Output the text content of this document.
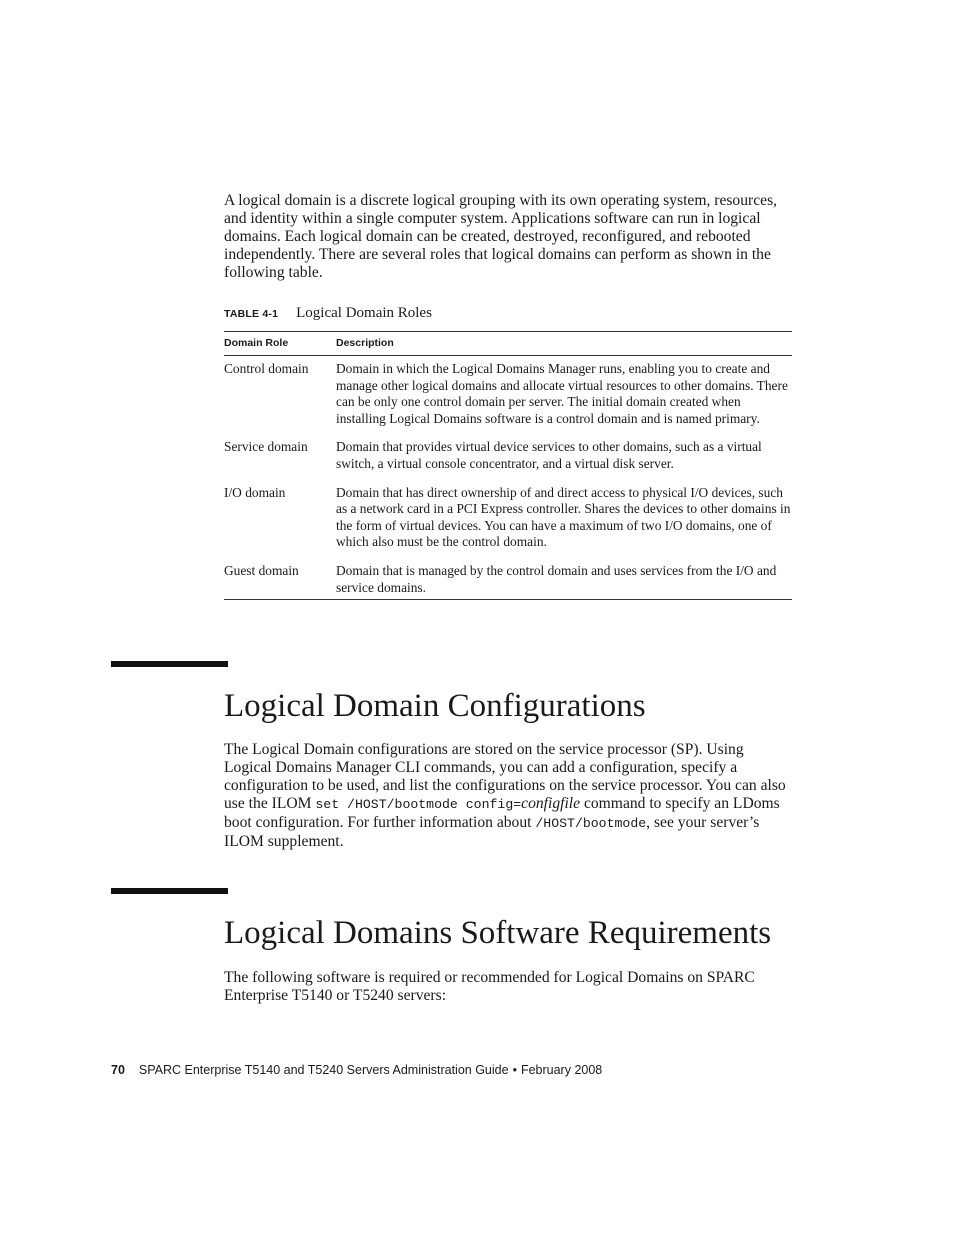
A logical domain is a discrete logical grouping with its own operating system, resources, and identity within a single computer system. Applications software can run in logical domains. Each logical domain can be created, destroyed, reconfigured, and rebooted independently. There are several roles that logical domains can perform as shown in the following table.

TABLE 4-1 Logical Domain Roles
Domain Role	Description
Control domain	Domain in which the Logical Domains Manager runs, enabling you to create and manage other logical domains and allocate virtual resources to other domains. There can be only one control domain per server. The initial domain created when installing Logical Domains software is a control domain and is named primary.
Service domain	Domain that provides virtual device services to other domains, such as a virtual switch, a virtual console concentrator, and a virtual disk server.
I/O domain	Domain that has direct ownership of and direct access to physical I/O devices, such as a network card in a PCI Express controller. Shares the devices to other domains in the form of virtual devices. You can have a maximum of two I/O domains, one of which also must be the control domain.
Guest domain	Domain that is managed by the control domain and uses services from the I/O and service domains.
Logical Domain Configurations

The Logical Domain configurations are stored on the service processor (SP). Using Logical Domains Manager CLI commands, you can add a configuration, specify a configuration to be used, and list the configurations on the service processor. You can also use the ILOM set /HOST/bootmode config=configfile command to specify an LDoms boot configuration. For further information about /HOST/bootmode, see your server’s ILOM supplement.

Logical Domains Software Requirements

The following software is required or recommended for Logical Domains on SPARC Enterprise T5140 or T5240 servers:

70 SPARC Enterprise T5140 and T5240 Servers Administration Guide • February 2008
